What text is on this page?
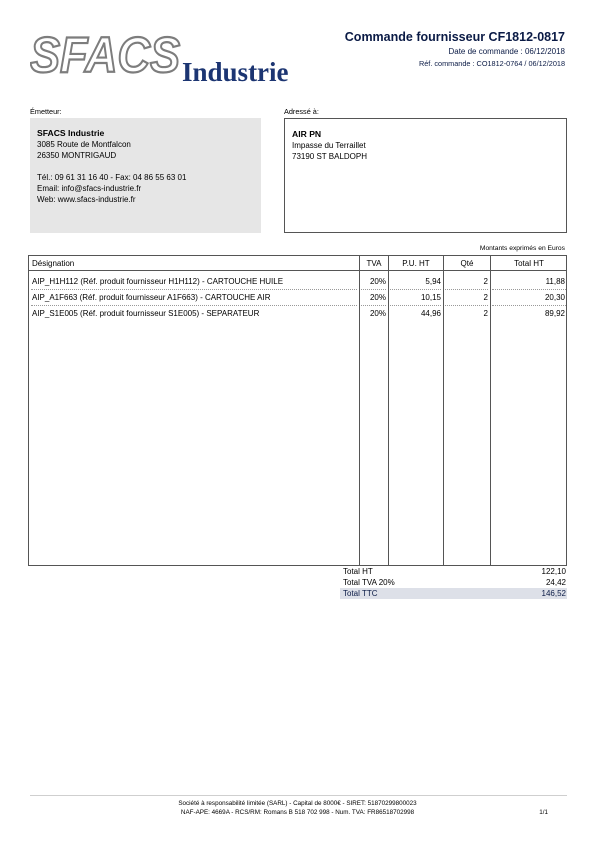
SFACS Industrie
Commande fournisseur CF1812-0817
Date de commande : 06/12/2018
Réf. commande : CO1812-0764 / 06/12/2018
Émetteur:	Adressé à:
SFACS Industrie
3085 Route de Montfalcon
26350 MONTRIGAUD
Tél.: 09 61 31 16 40 - Fax: 04 86 55 63 01
Email: info@sfacs-industrie.fr
Web: www.sfacs-industrie.fr
AIR PN
Impasse du Terraillet
73190 ST BALDOPH
Montants exprimés en Euros
Désignation	TVA	P.U. HT	Qté	Total HT
AIP_H1H112 (Réf. produit fournisseur H1H112) - CARTOUCHE HUILE	20%	5,94	2	11,88
AIP_A1F663 (Réf. produit fournisseur A1F663) - CARTOUCHE AIR	20%	10,15	2	20,30
AIP_S1E005 (Réf. produit fournisseur S1E005) - SEPARATEUR	20%	44,96	2	89,92
Total HT	122,10
Total TVA 20%	24,42
Total TTC	146,52
Société à responsabilité limitée (SARL) - Capital de 8000€ - SIRET: 51870299800023
NAF-APE: 4669A - RCS/RM: Romans B 518 702 998 - Num. TVA: FR86518702998	1/1
